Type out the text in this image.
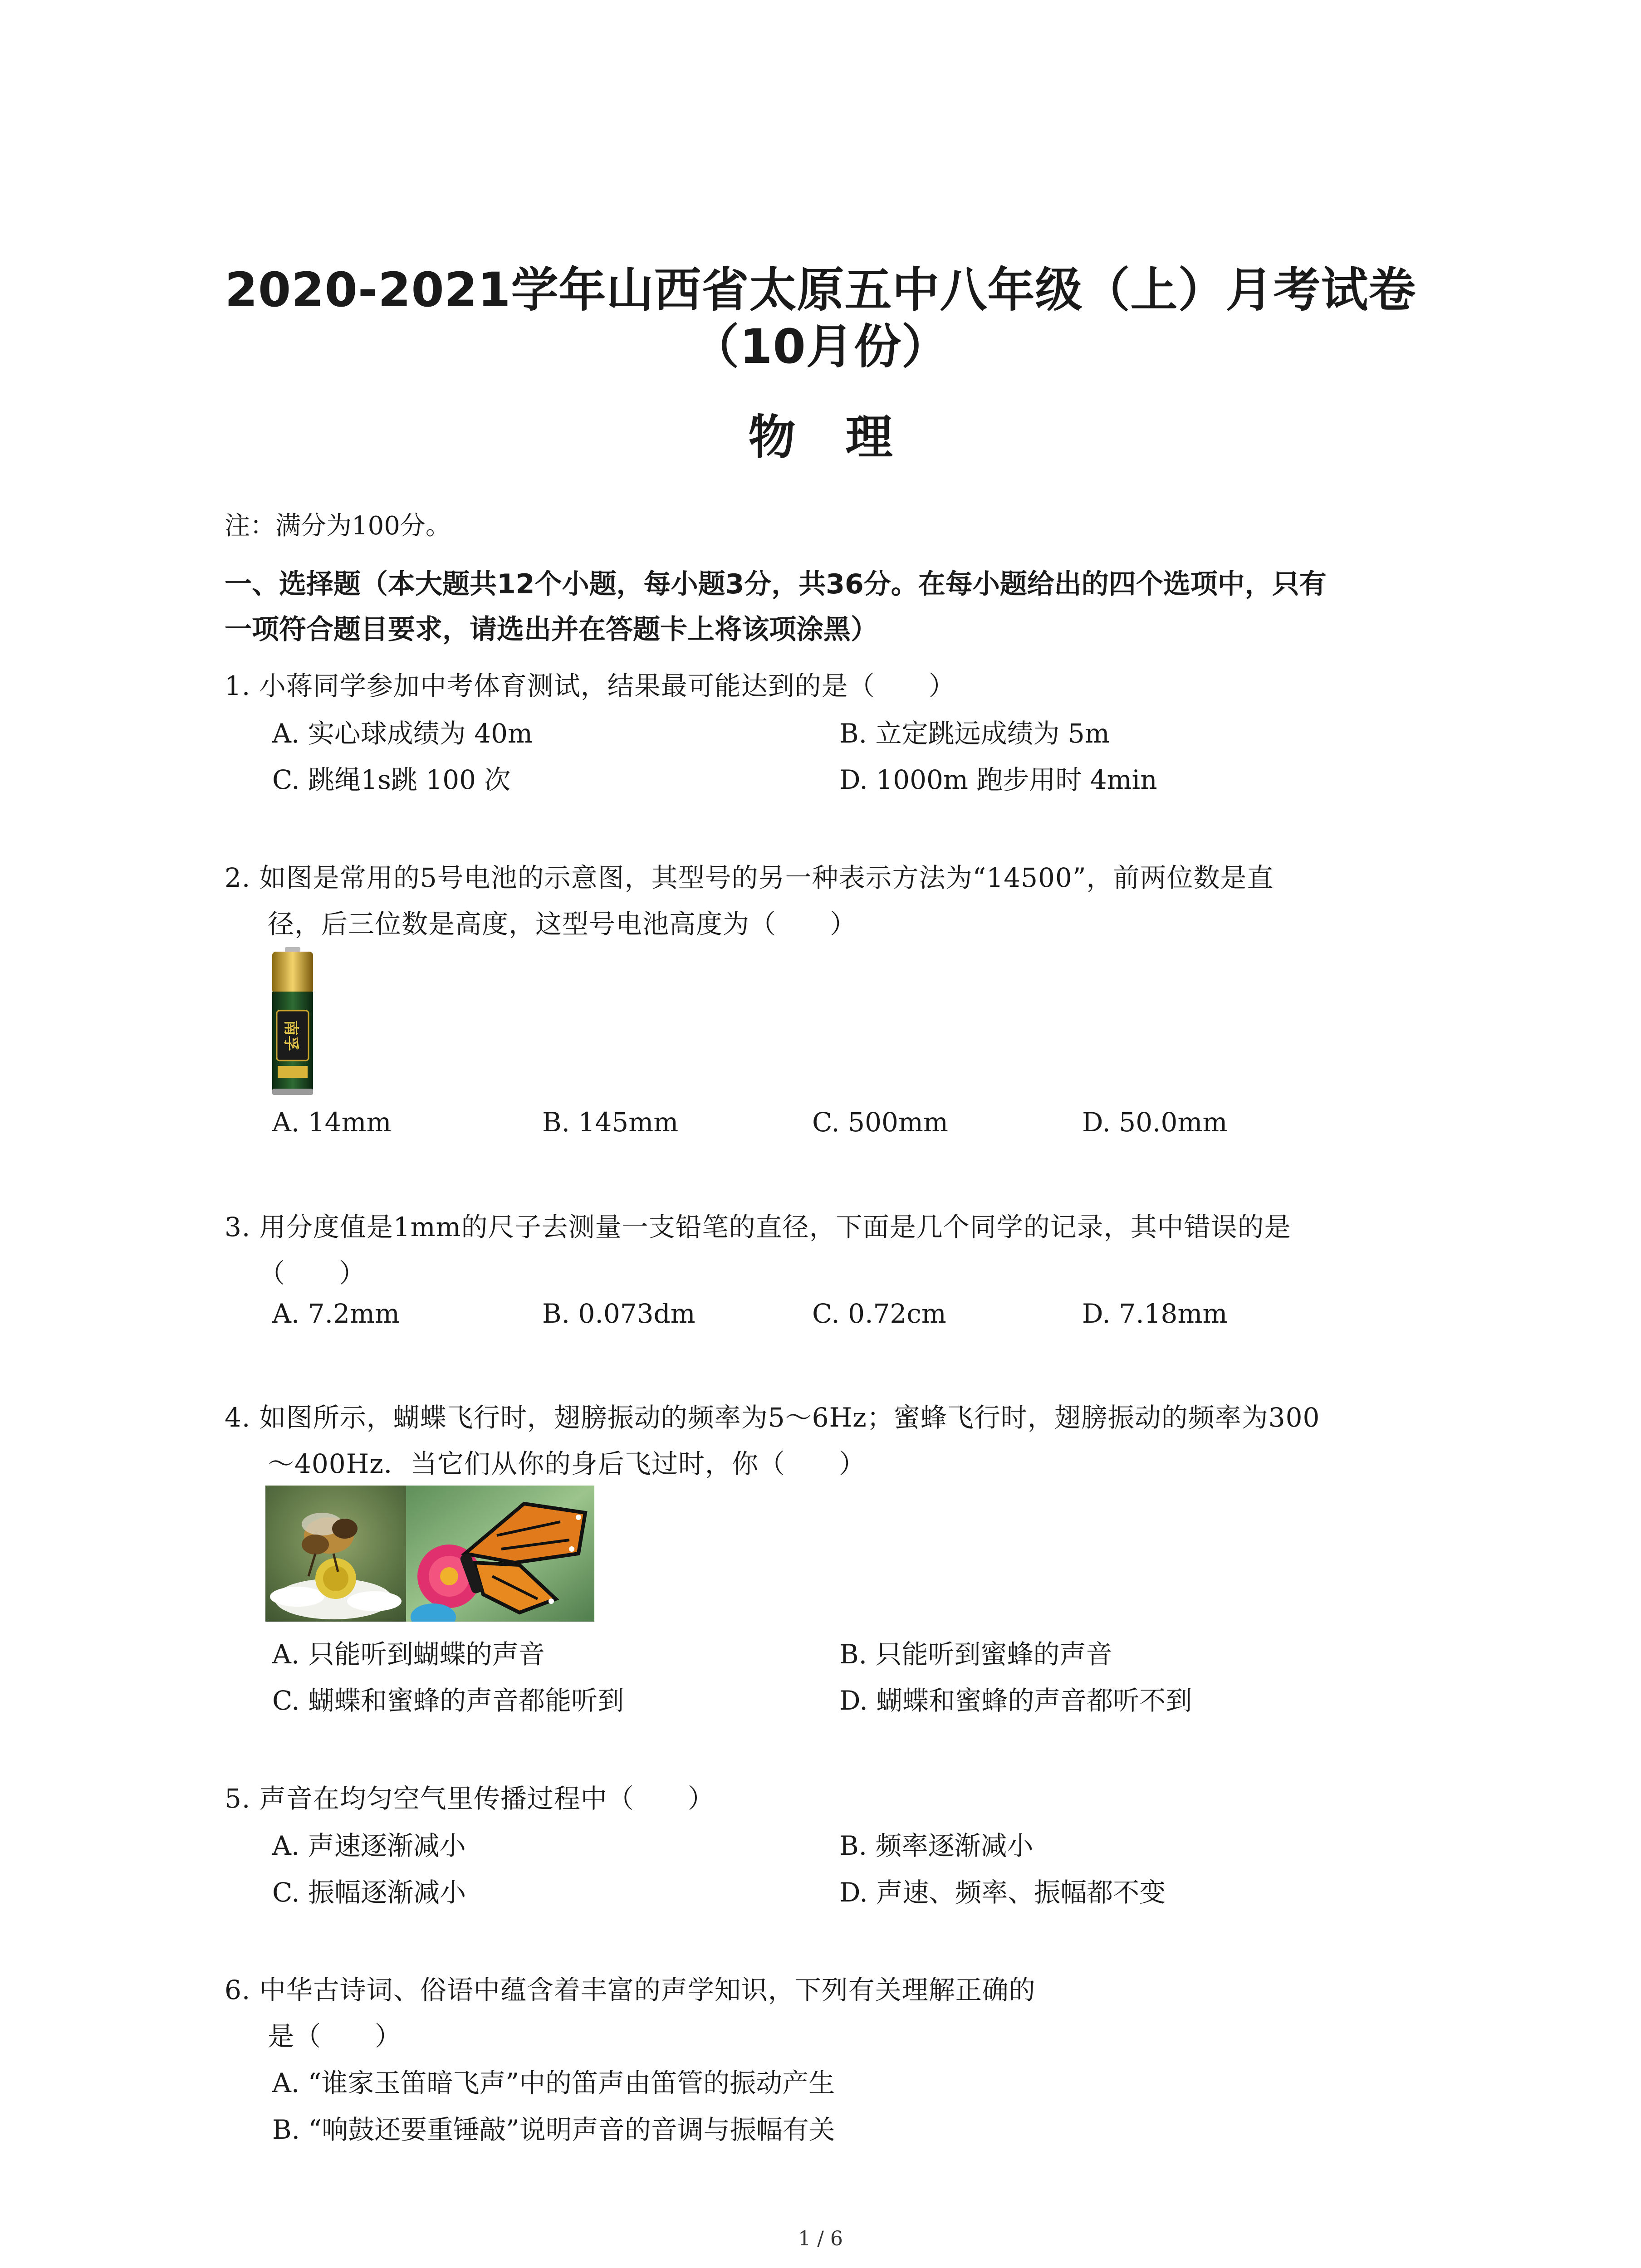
2020-2021学年山西省太原五中八年级（上）月考试卷
（10月份）
物理
注：满分为100分。
一、选择题（本大题共12个小题，每小题3分，共36分。在每小题给出的四个选项中，只有
一项符合题目要求，请选出并在答题卡上将该项涂黑）
1. 小蒋同学参加中考体育测试，结果最可能达到的是（　　）
A. 实心球成绩为 40m	B. 立定跳远成绩为 5m
C. 跳绳1s跳 100 次	D. 1000m 跑步用时 4min
2. 如图是常用的5号电池的示意图，其型号的另一种表示方法为“14500”，前两位数是直
径，后三位数是高度，这型号电池高度为（　　）
南孚
A. 14mm	B. 145mm	C. 500mm	D. 50.0mm
3. 用分度值是1mm的尺子去测量一支铅笔的直径，下面是几个同学的记录，其中错误的是
（　　）
A. 7.2mm	B. 0.073dm	C. 0.72cm	D. 7.18mm
4. 如图所示，蝴蝶飞行时，翅膀振动的频率为5～6Hz；蜜蜂飞行时，翅膀振动的频率为300
～400Hz．当它们从你的身后飞过时，你（　　）
A. 只能听到蝴蝶的声音	B. 只能听到蜜蜂的声音
C. 蝴蝶和蜜蜂的声音都能听到	D. 蝴蝶和蜜蜂的声音都听不到
5. 声音在均匀空气里传播过程中（　　）
A. 声速逐渐减小	B. 频率逐渐减小
C. 振幅逐渐减小	D. 声速、频率、振幅都不变
6. 中华古诗词、俗语中蕴含着丰富的声学知识，下列有关理解正确的
是（　　）
A. “谁家玉笛暗飞声”中的笛声由笛管的振动产生
B. “响鼓还要重锤敲”说明声音的音调与振幅有关
1 / 6
